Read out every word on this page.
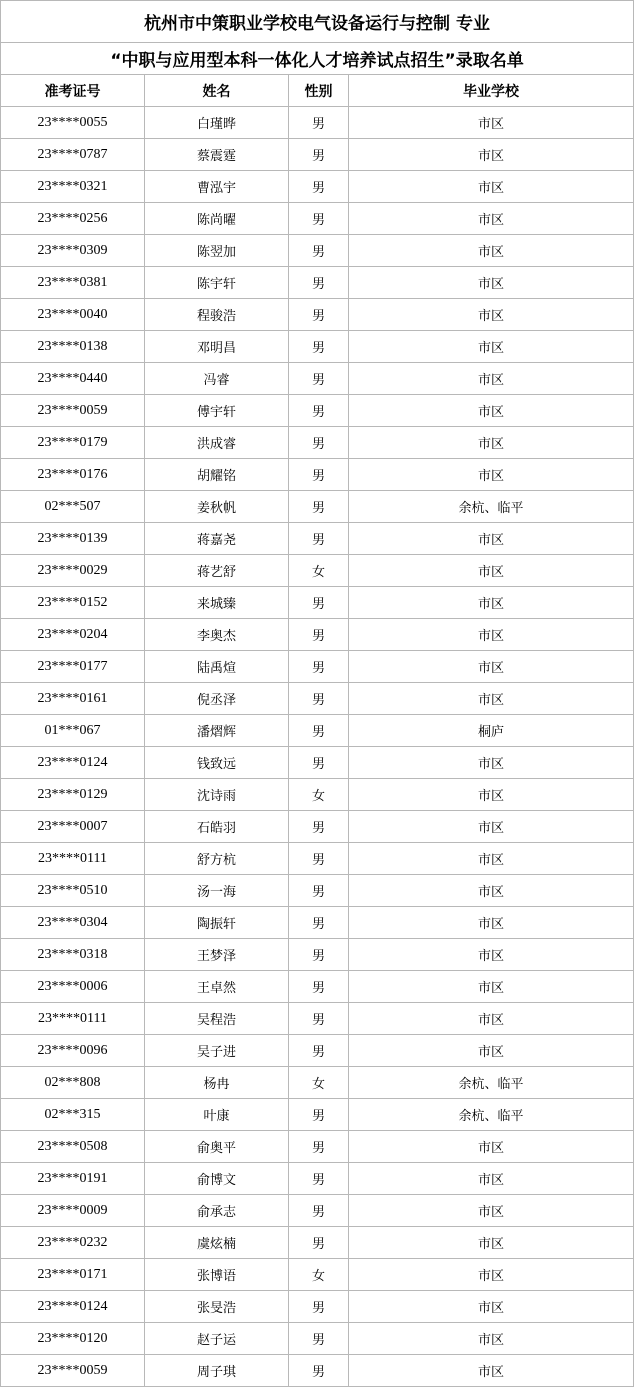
杭州市中策职业学校电气设备运行与控制 专业			
“中职与应用型本科一体化人才培养试点招生”录取名单			
准考证号	姓名	性别	毕业学校
23****0055	白瑾晔	男	市区
23****0787	蔡震霆	男	市区
23****0321	曹泓宇	男	市区
23****0256	陈尚曜	男	市区
23****0309	陈翌加	男	市区
23****0381	陈宇轩	男	市区
23****0040	程骏浩	男	市区
23****0138	邓明昌	男	市区
23****0440	冯睿	男	市区
23****0059	傅宇轩	男	市区
23****0179	洪成睿	男	市区
23****0176	胡耀铭	男	市区
02***507	姜秋帆	男	余杭、临平
23****0139	蒋嘉尧	男	市区
23****0029	蒋艺舒	女	市区
23****0152	来城臻	男	市区
23****0204	李奥杰	男	市区
23****0177	陆禹煊	男	市区
23****0161	倪丞泽	男	市区
01***067	潘熠辉	男	桐庐
23****0124	钱致远	男	市区
23****0129	沈诗雨	女	市区
23****0007	石皓羽	男	市区
23****0111	舒方杭	男	市区
23****0510	汤一海	男	市区
23****0304	陶振轩	男	市区
23****0318	王梦泽	男	市区
23****0006	王卓然	男	市区
23****0111	吴程浩	男	市区
23****0096	吴子进	男	市区
02***808	杨冉	女	余杭、临平
02***315	叶康	男	余杭、临平
23****0508	俞奥平	男	市区
23****0191	俞博文	男	市区
23****0009	俞承志	男	市区
23****0232	虞炫楠	男	市区
23****0171	张博语	女	市区
23****0124	张旻浩	男	市区
23****0120	赵子运	男	市区
23****0059	周子琪	男	市区
